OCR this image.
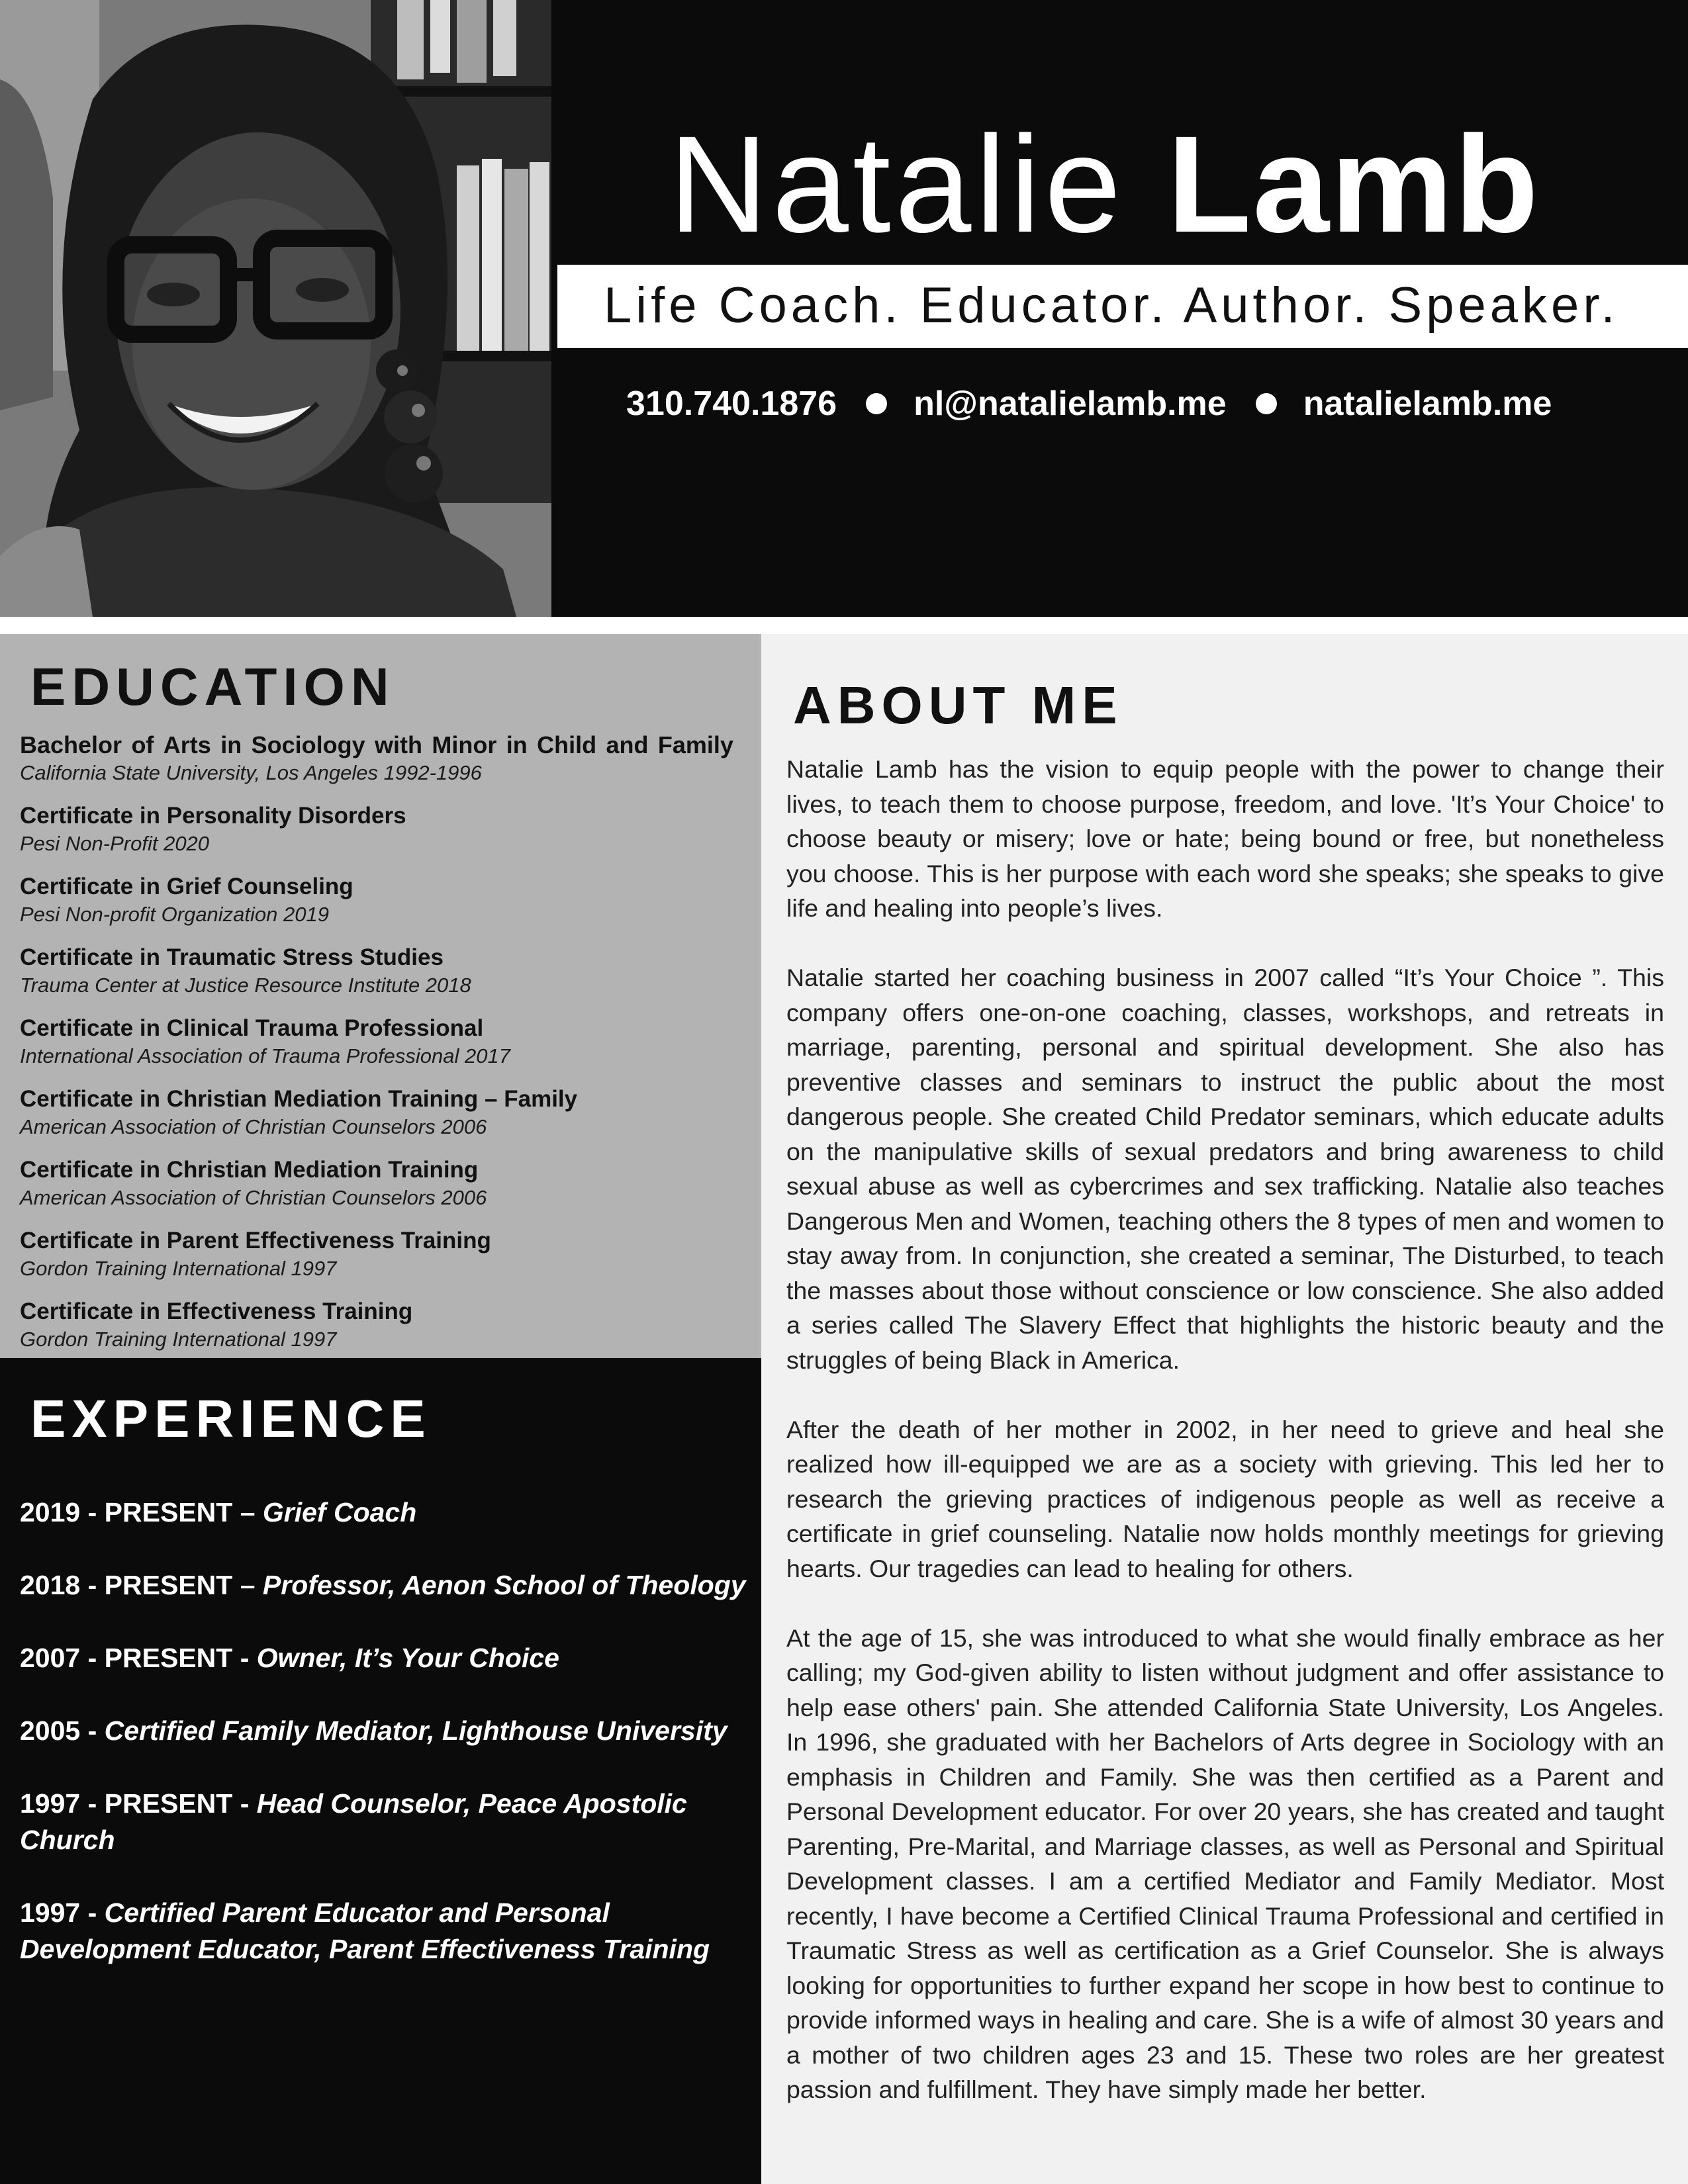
Natalie Lamb
Life Coach. Educator. Author. Speaker.
310.740.1876 nl@natalielamb.me natalielamb.me
EDUCATION
Bachelor of Arts in Sociology with Minor in Child and Family
California State University, Los Angeles 1992-1996
Certificate in Personality Disorders
Pesi Non-Profit 2020
Certificate in Grief Counseling
Pesi Non-profit Organization 2019
Certificate in Traumatic Stress Studies
Trauma Center at Justice Resource Institute 2018
Certificate in Clinical Trauma Professional
International Association of Trauma Professional 2017
Certificate in Christian Mediation Training – Family
American Association of Christian Counselors 2006
Certificate in Christian Mediation Training
American Association of Christian Counselors 2006
Certificate in Parent Effectiveness Training
Gordon Training International 1997
Certificate in Effectiveness Training
Gordon Training International 1997
EXPERIENCE
2019 - PRESENT – Grief Coach
2018 - PRESENT – Professor, Aenon School of Theology
2007 - PRESENT - Owner, It’s Your Choice
2005 - Certified Family Mediator, Lighthouse University
1997 - PRESENT - Head Counselor, Peace Apostolic Church
1997 - Certified Parent Educator and Personal Development Educator, Parent Effectiveness Training
ABOUT ME

Natalie Lamb has the vision to equip people with the power to change their lives, to teach them to choose purpose, freedom, and love. 'It’s Your Choice' to choose beauty or misery; love or hate; being bound or free, but nonetheless you choose. This is her purpose with each word she speaks; she speaks to give life and healing into people’s lives.

Natalie started her coaching business in 2007 called “It’s Your Choice ”. This company offers one-on-one coaching, classes, workshops, and retreats in marriage, parenting, personal and spiritual development. She also has preventive classes and seminars to instruct the public about the most dangerous people. She created Child Predator seminars, which educate adults on the manipulative skills of sexual predators and bring awareness to child sexual abuse as well as cybercrimes and sex trafficking. Natalie also teaches Dangerous Men and Women, teaching others the 8 types of men and women to stay away from. In conjunction, she created a seminar, The Disturbed, to teach the masses about those without conscience or low conscience. She also added a series called The Slavery Effect that highlights the historic beauty and the struggles of being Black in America.

After the death of her mother in 2002, in her need to grieve and heal she realized how ill-equipped we are as a society with grieving. This led her to research the grieving practices of indigenous people as well as receive a certificate in grief counseling. Natalie now holds monthly meetings for grieving hearts. Our tragedies can lead to healing for others.

At the age of 15, she was introduced to what she would finally embrace as her calling; my God-given ability to listen without judgment and offer assistance to help ease others' pain. She attended California State University, Los Angeles. In 1996, she graduated with her Bachelors of Arts degree in Sociology with an emphasis in Children and Family. She was then certified as a Parent and Personal Development educator. For over 20 years, she has created and taught Parenting, Pre-Marital, and Marriage classes, as well as Personal and Spiritual Development classes. I am a certified Mediator and Family Mediator. Most recently, I have become a Certified Clinical Trauma Professional and certified in Traumatic Stress as well as certification as a Grief Counselor. She is always looking for opportunities to further expand her scope in how best to continue to provide informed ways in healing and care. She is a wife of almost 30 years and a mother of two children ages 23 and 15. These two roles are her greatest passion and fulfillment. They have simply made her better.
